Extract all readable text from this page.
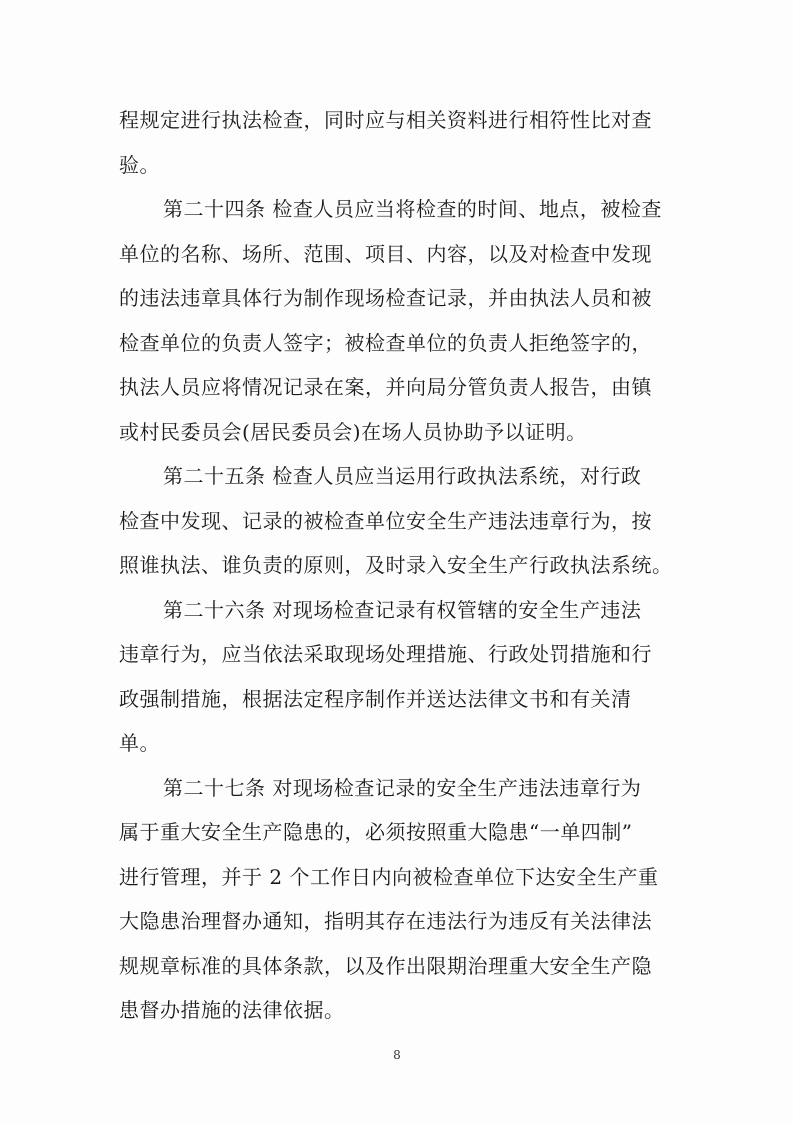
程规定进行执法检查，同时应与相关资料进行相符性比对查
验。
第二十四条 检查人员应当将检查的时间、地点，被检查
单位的名称、场所、范围、项目、内容，以及对检查中发现
的违法违章具体行为制作现场检查记录，并由执法人员和被
检查单位的负责人签字；被检查单位的负责人拒绝签字的，
执法人员应将情况记录在案，并向局分管负责人报告，由镇
或村民委员会(居民委员会)在场人员协助予以证明。
第二十五条 检查人员应当运用行政执法系统，对行政
检查中发现、记录的被检查单位安全生产违法违章行为，按
照谁执法、谁负责的原则，及时录入安全生产行政执法系统。
第二十六条 对现场检查记录有权管辖的安全生产违法
违章行为，应当依法采取现场处理措施、行政处罚措施和行
政强制措施，根据法定程序制作并送达法律文书和有关清
单。
第二十七条 对现场检查记录的安全生产违法违章行为
属于重大安全生产隐患的，必须按照重大隐患“一单四制”
进行管理，并于 2 个工作日内向被检查单位下达安全生产重
大隐患治理督办通知，指明其存在违法行为违反有关法律法
规规章标准的具体条款，以及作出限期治理重大安全生产隐
患督办措施的法律依据。
8
